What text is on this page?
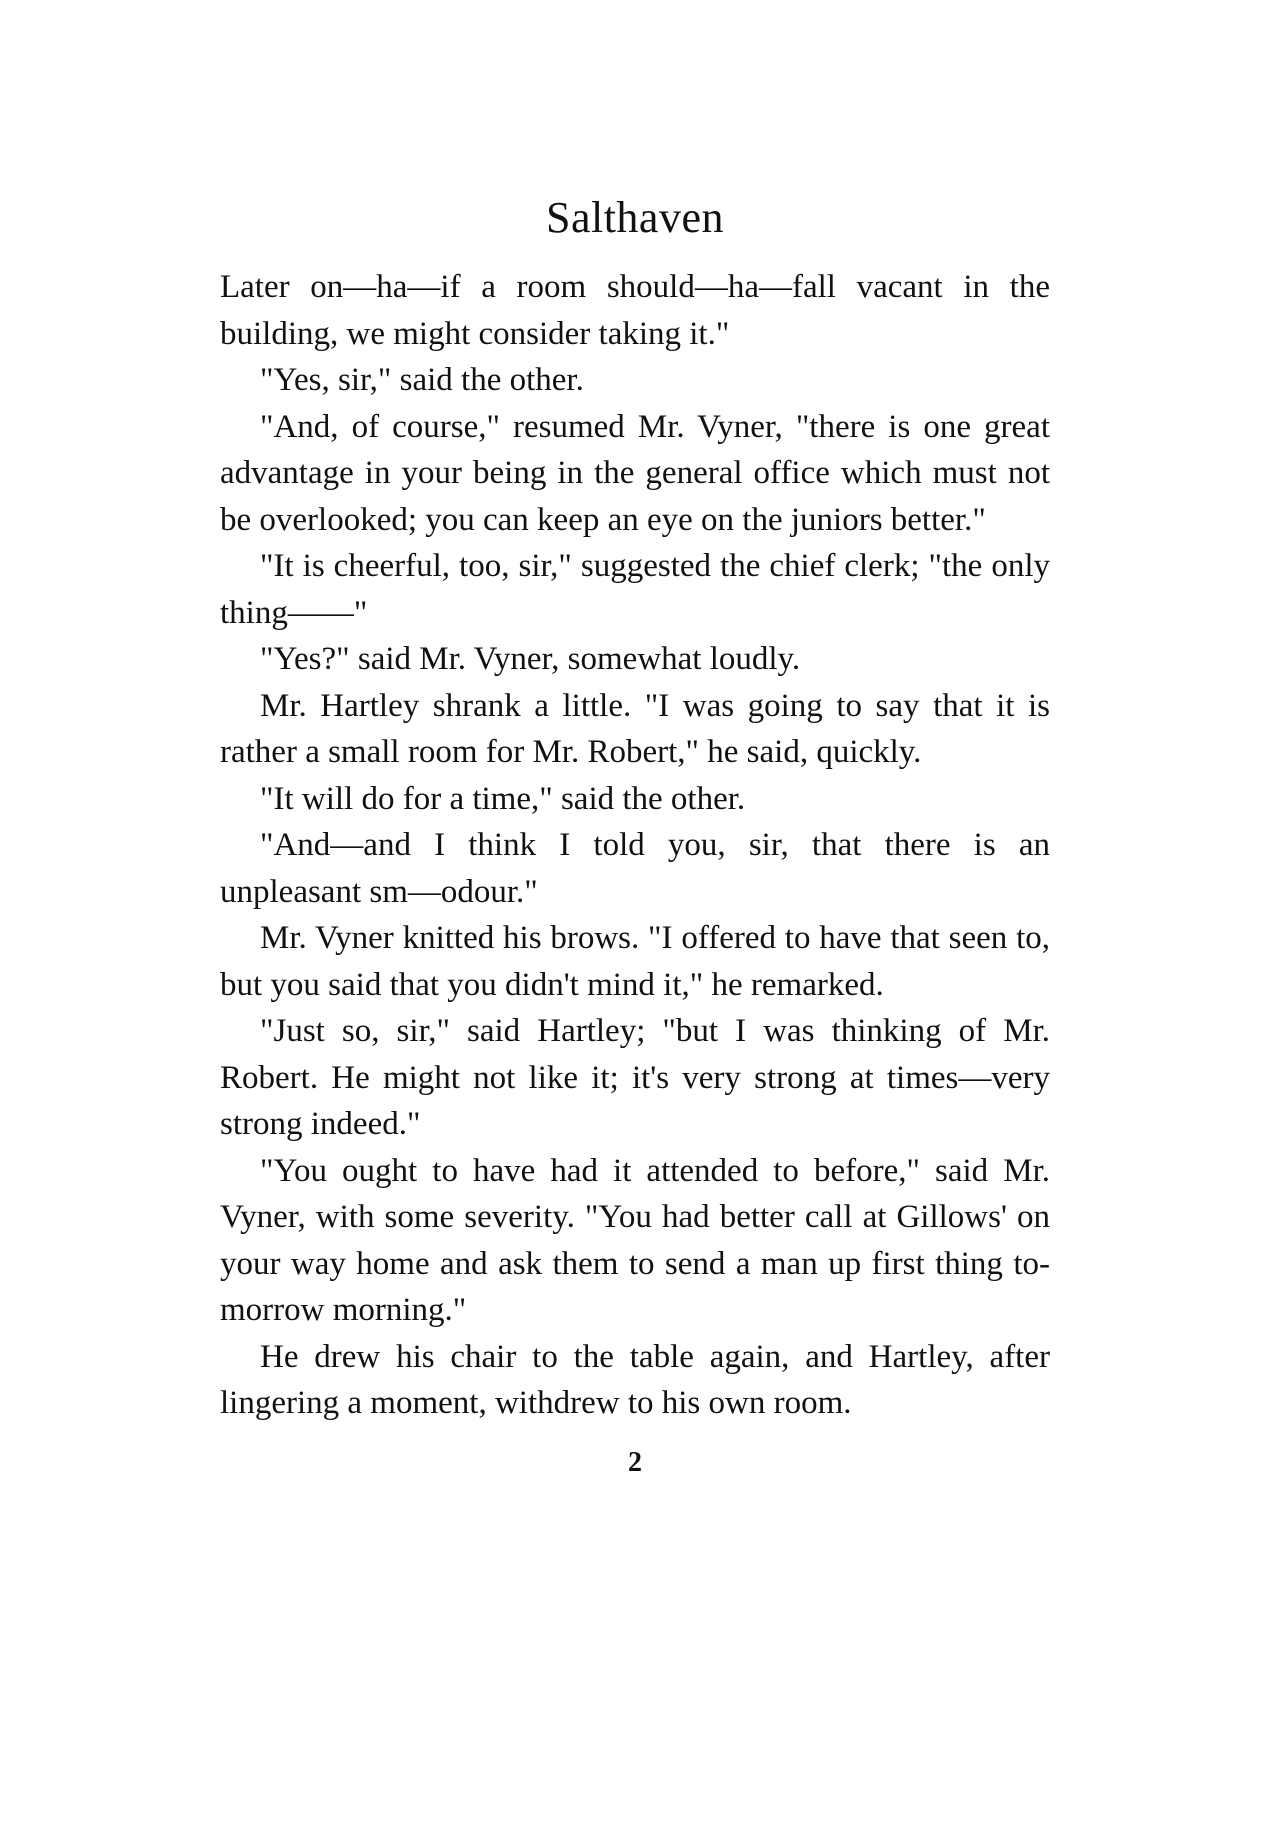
Salthaven

Later on—ha—if a room should—ha—fall vacant in the building, we might consider taking it."

"Yes, sir," said the other.

"And, of course," resumed Mr. Vyner, "there is one great advantage in your being in the general office which must not be overlooked; you can keep an eye on the juniors better."

"It is cheerful, too, sir," suggested the chief clerk; "the only thing——"

"Yes?" said Mr. Vyner, somewhat loudly.

Mr. Hartley shrank a little. "I was going to say that it is rather a small room for Mr. Robert," he said, quickly.

"It will do for a time," said the other.

"And—and I think I told you, sir, that there is an unpleasant sm—odour."

Mr. Vyner knitted his brows. "I offered to have that seen to, but you said that you didn't mind it," he remarked.

"Just so, sir," said Hartley; "but I was thinking of Mr. Robert. He might not like it; it's very strong at times—very strong indeed."

"You ought to have had it attended to before," said Mr. Vyner, with some severity. "You had better call at Gillows' on your way home and ask them to send a man up first thing to-morrow morning."

He drew his chair to the table again, and Hartley, after lingering a moment, withdrew to his own room.

2
